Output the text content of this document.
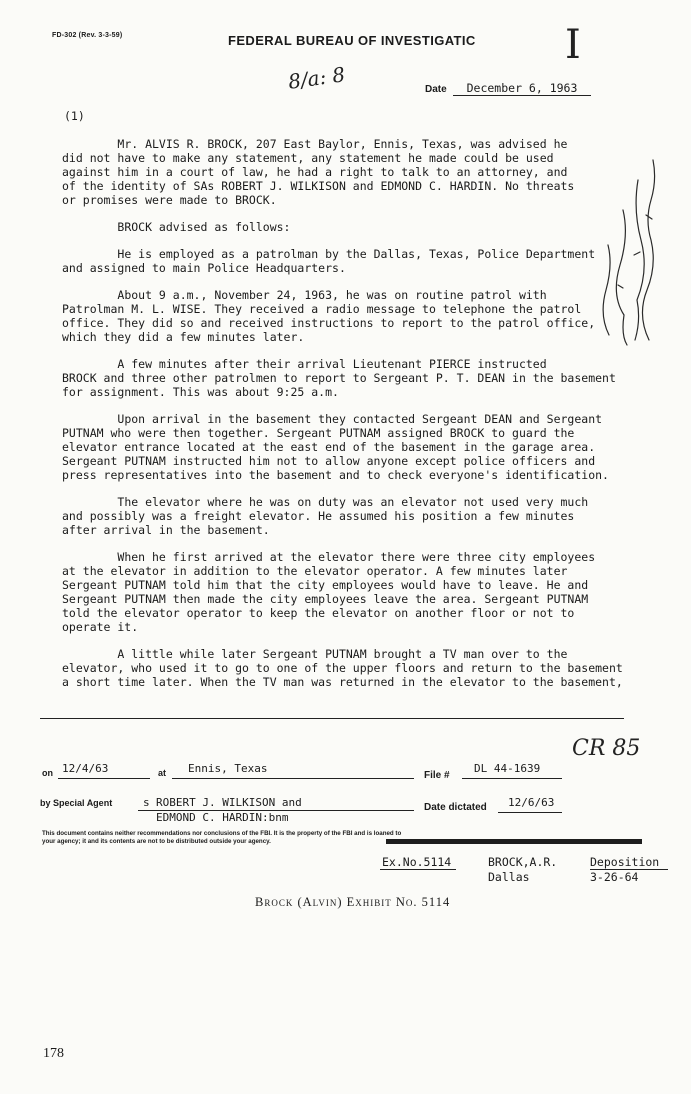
FD-302 (Rev. 3-3-59)	FEDERAL BUREAU OF INVESTIGATIC I
8/a: 8	Date	December 6, 1963
(1)

Mr. ALVIS R. BROCK, 207 East Baylor, Ennis, Texas, was advised he
did not have to make any statement, any statement he made could be used
against him in a court of law, he had a right to talk to an attorney, and
of the identity of SAs ROBERT J. WILKISON and EDMOND C. HARDIN. No threats
or promises were made to BROCK.

BROCK advised as follows:

He is employed as a patrolman by the Dallas, Texas, Police Department
and assigned to main Police Headquarters.

About 9 a.m., November 24, 1963, he was on routine patrol with
Patrolman M. L. WISE. They received a radio message to telephone the patrol
office. They did so and received instructions to report to the patrol office,
which they did a few minutes later.

A few minutes after their arrival Lieutenant PIERCE instructed
BROCK and three other patrolmen to report to Sergeant P. T. DEAN in the basement
for assignment. This was about 9:25 a.m.

Upon arrival in the basement they contacted Sergeant DEAN and Sergeant
PUTNAM who were then together. Sergeant PUTNAM assigned BROCK to guard the
elevator entrance located at the east end of the basement in the garage area.
Sergeant PUTNAM instructed him not to allow anyone except police officers and
press representatives into the basement and to check everyone's identification.

The elevator where he was on duty was an elevator not used very much
and possibly was a freight elevator. He assumed his position a few minutes
after arrival in the basement.

When he first arrived at the elevator there were three city employees
at the elevator in addition to the elevator operator. A few minutes later
Sergeant PUTNAM told him that the city employees would have to leave. He and
Sergeant PUTNAM then made the city employees leave the area. Sergeant PUTNAM
told the elevator operator to keep the elevator on another floor or not to
operate it.

A little while later Sergeant PUTNAM brought a TV man over to the
elevator, who used it to go to one of the upper floors and return to the basement
a short time later. When the TV man was returned in the elevator to the basement,

CR 85
on 12/4/63	at Ennis, Texas
File #
DL 44-1639
by Special Agent	s ROBERT J. WILKISON and
EDMOND C. HARDIN:bnm
Date dictated 12/6/63
This document contains neither recommendations nor conclusions of the FBI. It is the property of the FBI and is loaned to
your agency; it and its contents are not to be distributed outside your agency.
Ex.No.5114	BROCK,A.R.
Dallas
Deposition
3-26-64
Brock (Alvin) Exhibit No. 5114
178
